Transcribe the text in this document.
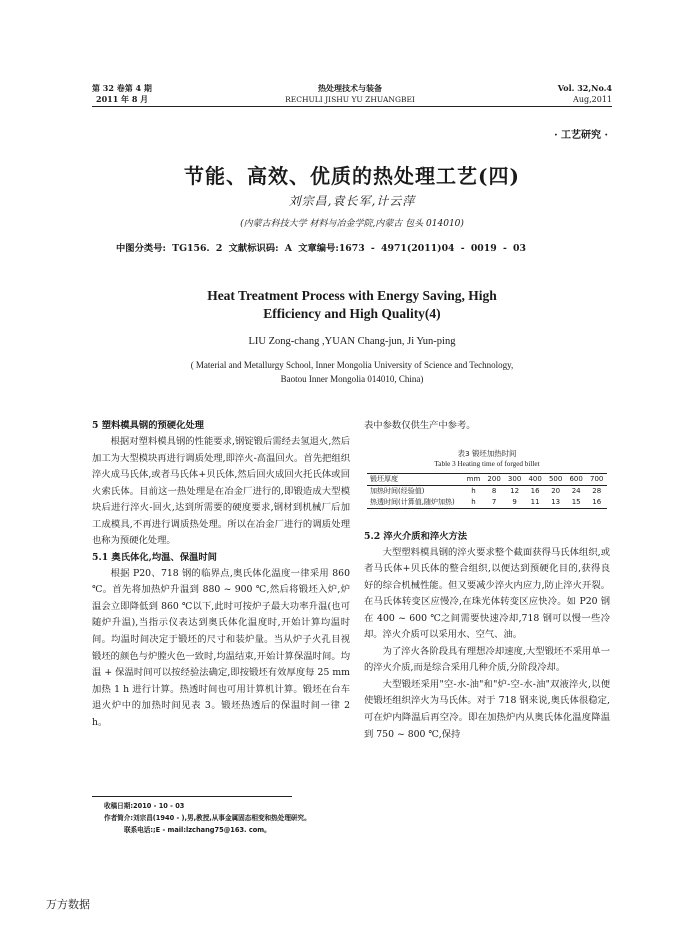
第 32 卷第 4 期
2011 年 8 月
热处理技术与装备
RECHULI JISHU YU ZHUANGBEI
Vol. 32,No.4
Aug,2011
· 工艺研究 ·
节能、高效、优质的热处理工艺(四)
刘宗昌,袁长军,计云萍
(内蒙古科技大学 材料与冶金学院,内蒙古 包头 014010)
中图分类号: TG156. 2 文献标识码: A 文章编号:1673 - 4971(2011)04 - 0019 - 03
Heat Treatment Process with Energy Saving, High
Efficiency and High Quality(4)
LIU Zong-chang ,YUAN Chang-jun, Ji Yun-ping
( Material and Metallurgy School, Inner Mongolia University of Science and Technology,
Baotou Inner Mongolia 014010, China)
5 塑料模具钢的预硬化处理

根据对塑料模具钢的性能要求,钢锭锻后需经去氢退火,然后加工为大型模块再进行调质处理,即淬火-高温回火。首先把组织淬火成马氏体,或者马氏体+贝氏体,然后回火成回火托氏体或回火索氏体。目前这一热处理是在冶金厂进行的,即锻造成大型模块后进行淬火-回火,达到所需要的硬度要求,钢材到机械厂后加工成模具,不再进行调质热处理。所以在冶金厂进行的调质处理也称为预硬化处理。

5.1 奥氏体化,均温、保温时间

根据 P20、718 钢的临界点,奥氏体化温度一律采用 860 ℃。首先将加热炉升温到 880 ~ 900 ℃,然后将锻坯入炉,炉温会立即降低到 860 ℃以下,此时可按炉子最大功率升温(也可随炉升温),当指示仪表达到奥氏体化温度时,开始计算均温时间。均温时间决定于锻坯的尺寸和装炉量。当从炉子火孔目视锻坯的颜色与炉膛火色一致时,均温结束,开始计算保温时间。均温 + 保温时间可以按经验法确定,即按锻坯有效厚度每 25 mm 加热 1 h 进行计算。热透时间也可用计算机计算。锻坯在台车退火炉中的加热时间见表 3。锻坯热透后的保温时间一律 2 h。

表中参数仅供生产中参考。
表3 锻坯加热时间
Table 3 Heating time of forged billet
锻坯厚度	mm	200	300	400	500	600	700
加热时间(经验值)	h	8	12	16	20	24	28
热透时间(计算值,随炉加热)	h	7	9	11	13	15	16
5.2 淬火介质和淬火方法

大型塑料模具钢的淬火要求整个截面获得马氏体组织,或者马氏体+贝氏体的整合组织,以便达到预硬化目的,获得良好的综合机械性能。但又要减少淬火内应力,防止淬火开裂。在马氏体转变区应慢冷,在珠光体转变区应快冷。如 P20 钢在 400 ~ 600 ℃之间需要快速冷却,718 钢可以慢一些冷却。淬火介质可以采用水、空气、油。

为了淬火各阶段具有理想冷却速度,大型锻坯不采用单一的淬火介质,而是综合采用几种介质,分阶段冷却。

大型锻坯采用"空-水-油"和"炉-空-水-油"双液淬火,以便使锻坯组织淬火为马氏体。对于 718 钢来说,奥氏体很稳定,可在炉内降温后再空冷。即在加热炉内从奥氏体化温度降温到 750 ~ 800 ℃,保持

收稿日期:2010 - 10 - 03
作者简介:刘宗昌(1940 - ),男,教授,从事金属固态相变和热处理研究。
联系电话:;E - mail:lzchang75@163. com。
万方数据
